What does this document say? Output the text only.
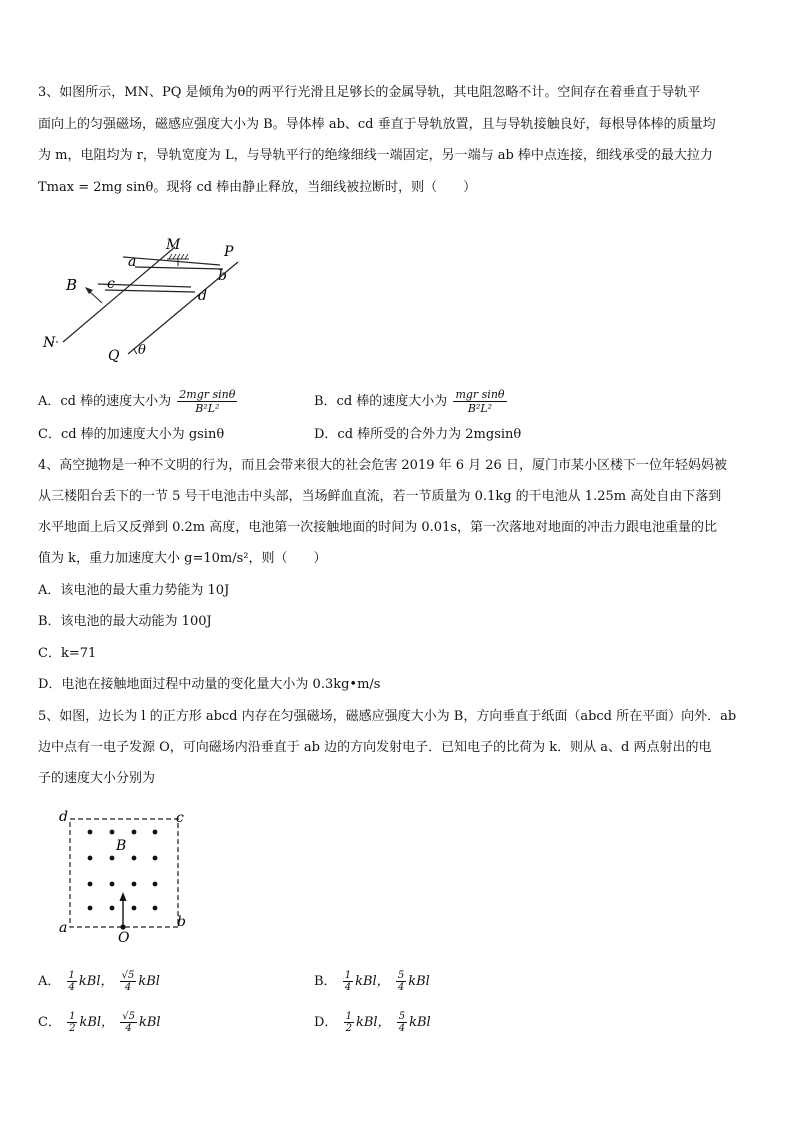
3、如图所示，MN、PQ 是倾角为θ的两平行光滑且足够长的金属导轨，其电阻忽略不计。空间存在着垂直于导轨平
面向上的匀强磁场，磁感应强度大小为 B。导体棒 ab、cd 垂直于导轨放置，且与导轨接触良好，每根导体棒的质量均
为 m，电阻均为 r，导轨宽度为 L，与导轨平行的绝缘细线一端固定，另一端与 ab 棒中点连接，细线承受的最大拉力
Tmax = 2mg sinθ。现将 cd 棒由静止释放，当细线被拉断时，则（　　）
M	P
a
b
B c
d
N
Q θ
A．cd 棒的速度大小为 $\frac{\text{2mgr sinθ}}{\text{B²L²}}$	B．cd 棒的速度大小为 $\frac{\text{mgr sinθ}}{\text{B²L²}}$
C．cd 棒的加速度大小为 gsinθ	D．cd 棒所受的合外力为 2mgsinθ
4、高空抛物是一种不文明的行为，而且会带来很大的社会危害 2019 年 6 月 26 日，厦门市某小区楼下一位年轻妈妈被
从三楼阳台丢下的一节 5 号干电池击中头部，当场鲜血直流，若一节质量为 0.1kg 的干电池从 1.25m 高处自由下落到
水平地面上后又反弹到 0.2m 高度，电池第一次接触地面的时间为 0.01s，第一次落地对地面的冲击力跟电池重量的比
值为 k，重力加速度大小 g=10m/s²，则（　　）
A．该电池的最大重力势能为 10J
B．该电池的最大动能为 100J
C．k=71
D．电池在接触地面过程中动量的变化量大小为 0.3kg•m/s
5、如图，边长为 l 的正方形 abcd 内存在匀强磁场，磁感应强度大小为 B，方向垂直于纸面（abcd 所在平面）向外．ab
边中点有一电子发源 O，可向磁场内沿垂直于 ab 边的方向发射电子．已知电子的比荷为 k．则从 a、d 两点射出的电
子的速度大小分别为
d	c
B
a	b
O
A． $\frac{1}{4}$ kBl， $\frac{√5}{4}$ kBl	B． $\frac{1}{4}$ kBl， $\frac{5}{4}$ kBl
C． $\frac{1}{2}$ kBl， $\frac{√5}{4}$ kBl	D． $\frac{1}{2}$ kBl， $\frac{5}{4}$ kBl
